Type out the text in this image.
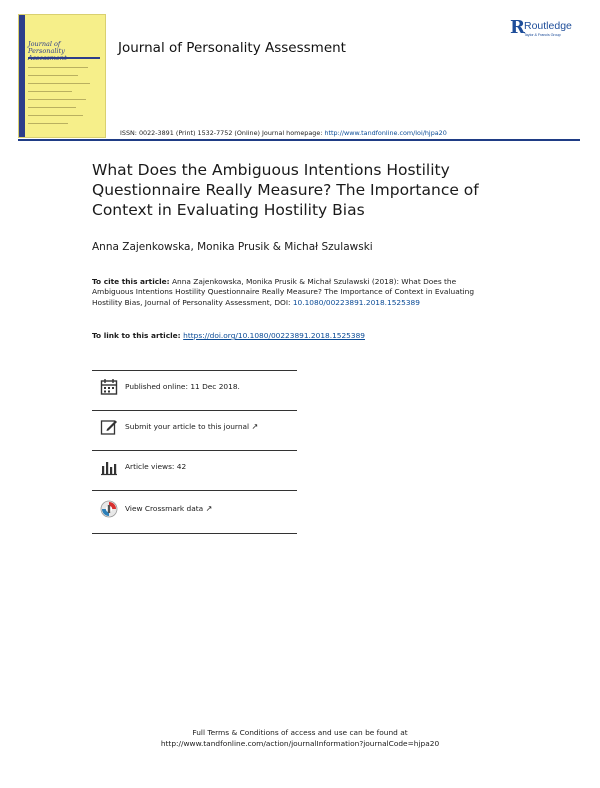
Journal of
Personality	Journal of Personality Assessment
R Routledge
Taylor & Francis Group
ISSN: 0022-3891 (Print) 1532-7752 (Online) Journal homepage: http://www.tandfonline.com/loi/hjpa20
What Does the Ambiguous Intentions Hostility Questionnaire Really Measure? The Importance of Context in Evaluating Hostility Bias
Anna Zajenkowska, Monika Prusik & Michał Szulawski
To cite this article: Anna Zajenkowska, Monika Prusik & Michał Szulawski (2018): What Does the Ambiguous Intentions Hostility Questionnaire Really Measure? The Importance of Context in Evaluating Hostility Bias, Journal of Personality Assessment, DOI: 10.1080/00223891.2018.1525389
To link to this article: https://doi.org/10.1080/00223891.2018.1525389
Published online: 11 Dec 2018.
Submit your article to this journal ↗
Article views: 42
View Crossmark data ↗
Full Terms & Conditions of access and use can be found at
http://www.tandfonline.com/action/journalInformation?journalCode=hjpa20
